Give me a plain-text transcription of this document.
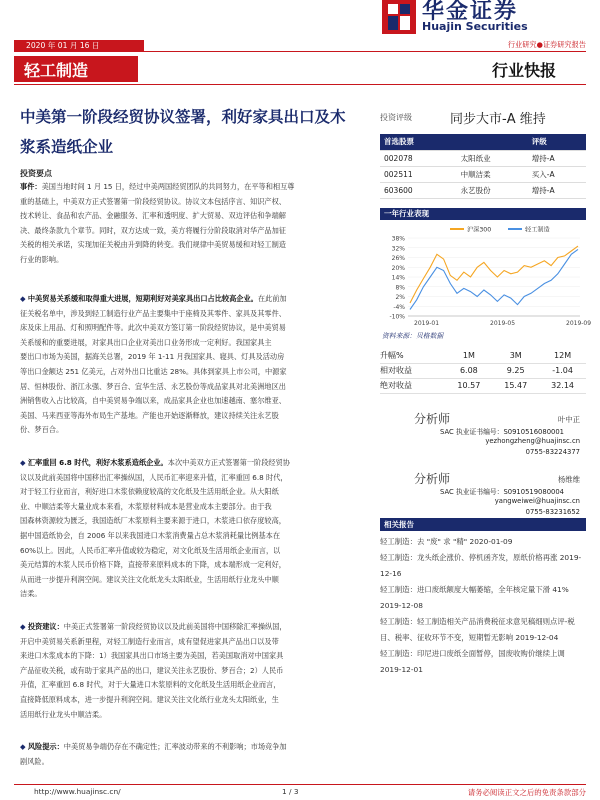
华金证券
Huajin Securities
2020 年 01 月 16 日	行业研究●证券研究报告
轻工制造	行业快报
中美第一阶段经贸协议签署，利好家具出口及木
浆系造纸企业
投资要点
事件：美国当地时间 1 月 15 日，经过中美两国经贸团队的共同努力，在平等和相互尊
重的基础上，中美双方正式签署第一阶段经贸协议。协议文本包括序言、知识产权、
技术转让、食品和农产品、金融服务、汇率和透明度、扩大贸易、双边评估和争端解
决、最终条款九个章节。同时，双方达成一致，美方将履行分阶段取消对华产品加征
关税的相关承诺，实现加征关税由升到降的转变。我们规律中美贸易缓和对轻工制造
行业的影响。
◆ 中美贸易关系缓和取得重大进展，短期利好对美家具出口占比较高企业。在此前加
征关税名单中，涉及到轻工制造行业产品主要集中于座椅及其零件、家具及其零件、
床及床上用品、灯和照明配件等。此次中美双方签订第一阶段经贸协议，是中美贸易
关系缓和的重要进展，对家具出口企业对美出口业务形成一定利好。我国家具主
要出口市场为美国，据海关总署，2019 年 1-11 月我国家具、寝具、灯具及活动房
等出口金额达 251 亿美元，占对外出口比重达 28%。具体到家具上市公司，中源家
居、恒林股份、浙江永强、梦百合、宜华生活、永艺股份等成品家具对北美洲地区出
洲销售收入占比较高，自中美贸易争端以来，成品家具企业也加速越南、塞尔维亚、
美国、马来西亚等海外布局生产基地。产能也开始逐渐释放，建议持续关注永艺股
份、梦百合。
◆ 汇率重回 6.8 时代，利好木浆系造纸企业。本次中美双方正式签署第一阶段经贸协
议以及此前美国将中国移出汇率操纵国，人民币汇率迎来升值，汇率重回 6.8 时代，
对于轻工行业而言，利好进口木浆依赖度较高的文化纸及生活用纸企业。从大阳纸
业、中顺洁柔等大量业成本来看，木浆原材料成本是营业成本主要部分。由于我
国森林资源较为匮乏，我国造纸厂木浆原料主要来源于进口，木浆进口依存度较高，
据中国造纸协会，自 2006 年以来我国进口木浆消费量占总木浆消耗量比例基本在
60%以上。因此，人民币汇率升值或较为稳定，对文化纸及生活用纸企业而言，以
美元结算的木浆人民币价格下降，直接带来原料成本的下降，成本端形成一定利好，
从而进一步提升利润空间。建议关注文化纸龙头太阳纸业，生活用纸行业龙头中顺
洁柔。
◆ 投资建议：中美正式签署第一阶段经贸协议以及此前美国将中国移除汇率操纵国，
开启中美贸易关系新里程，对轻工制造行业而言，成有望促进家具产品出口以及带
来进口木浆成本的下降：1）我国家具出口市场主要为美国，若美国取消对中国家具
产品征收关税，或有助于家具产品的出口，建议关注永艺股份、梦百合；2）人民币
升值，汇率重回 6.8 时代，对于大量进口木浆原料的文化纸及生活用纸企业而言，
直接降低原料成本，进一步提升利润空间。建议关注文化纸行业龙头太阳纸业，生
活用纸行业龙头中顺洁柔。
◆ 风险提示：中美贸易争端仍存在不确定性；汇率波动带来的不利影响；市场竞争加
剧风险。
投资评级	同步大市-A 维持
首选股票		评级
002078	太阳纸业	增持-A
002511	中顺洁柔	买入-A
603600	永艺股份	增持-A
一年行业表现
38%
32%
26%
20%
14%
8%
2%
-4%
-10%
2019-01	2019-05	2019-09
沪深300	轻工制造
资料来源：贝格数据
升幅%	1M	3M	12M
相对收益	6.08	9.25	-1.04
绝对收益	10.57	15.47	32.14
分析师	叶中正
SAC 执业证书编号：S0910516080001
yezhongzheng@huajinsc.cn
0755-83224377
分析师	杨维维
SAC 执业证书编号：S0910519080004
yangweiwei@huajinsc.cn
0755-83231652
相关报告

轻工制造：去 "废" 求 "精" 2020-01-09

轻工制造：龙头纸企涨价、停机函齐发，原纸价格再涨 2019-12-16

轻工制造：进口废纸额度大幅萎缩，全年核定量下滑 41% 2019-12-08

轻工制造：轻工制造相关产品消费税征求意见稿细则点评-税目、税率、征收环节不变，短期暂无影响 2019-12-04

轻工制造：印尼进口废纸全面暂停，国废收购价继续上调 2019-12-01

http://www.huajinsc.cn/	1 / 3	请务必阅读正文之后的免责条款部分
